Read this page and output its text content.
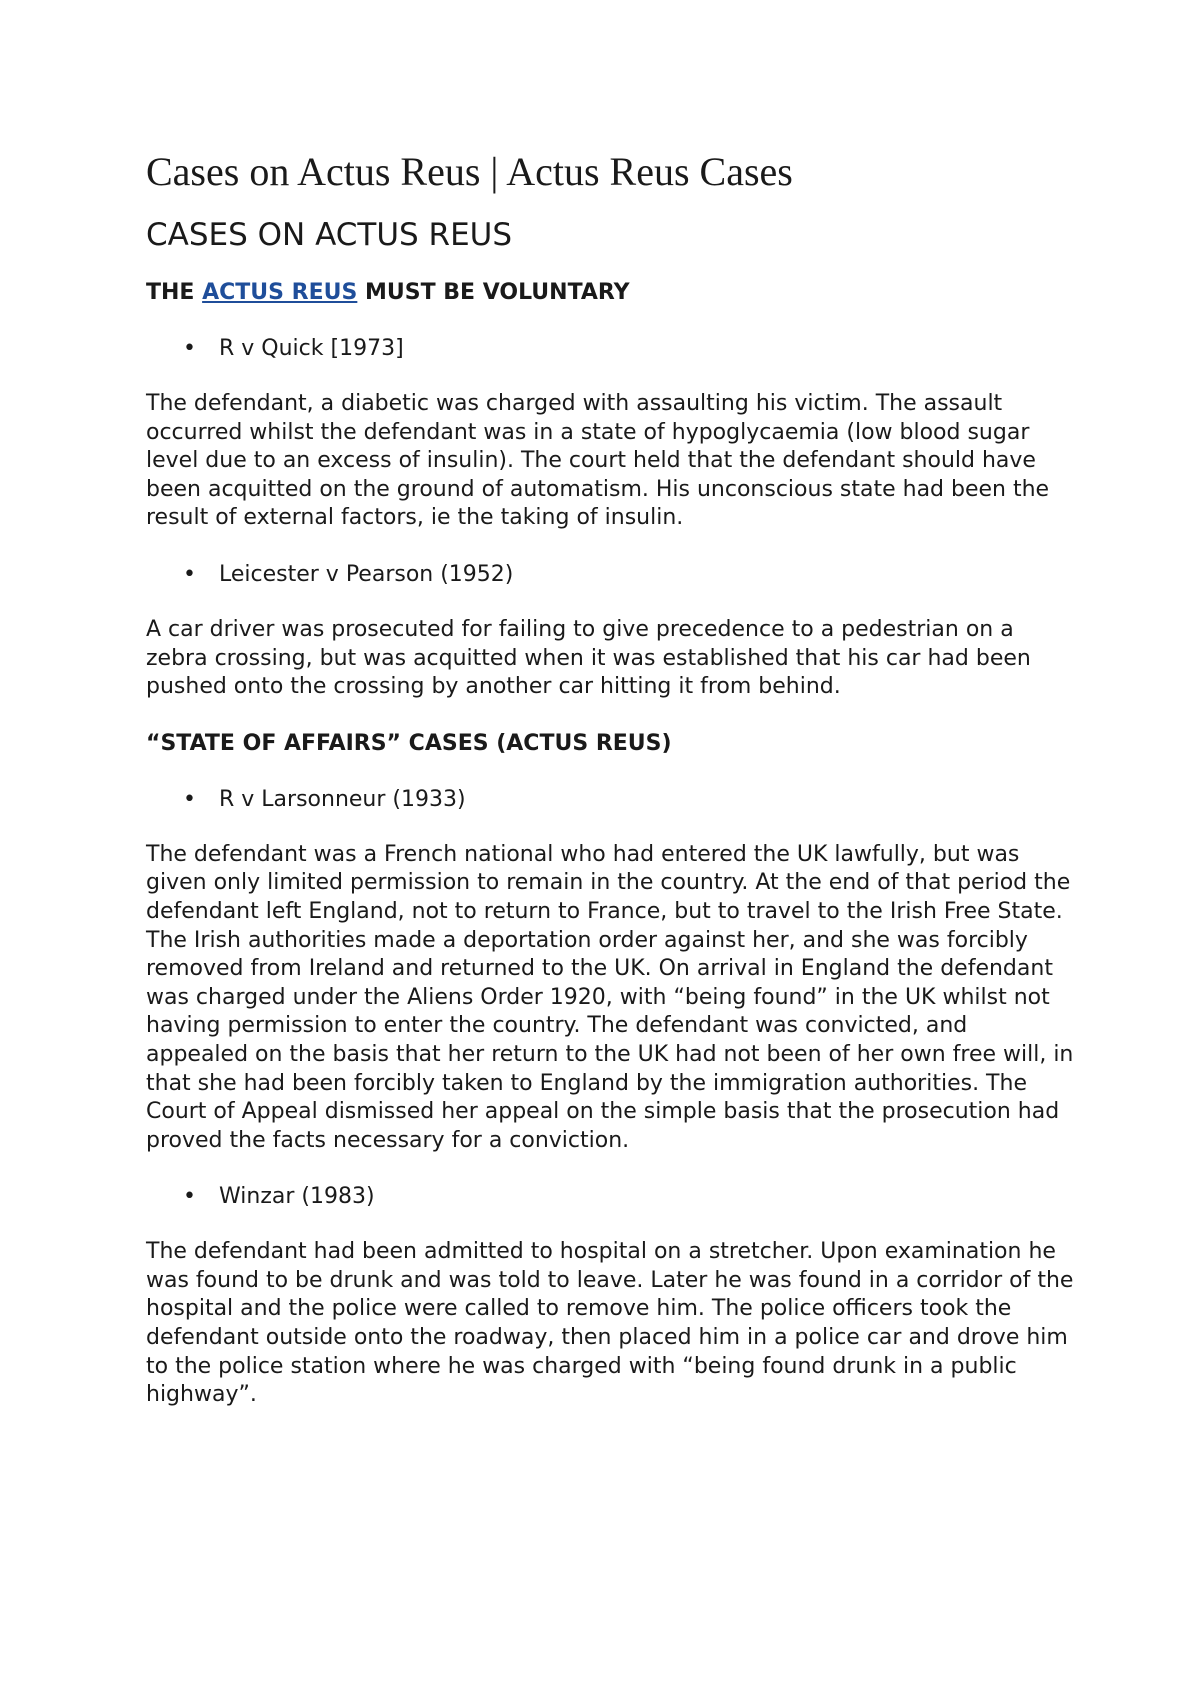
Cases on Actus Reus | Actus Reus Cases
CASES ON ACTUS REUS
THE ACTUS REUS MUST BE VOLUNTARY
• R v Quick [1973]

The defendant, a diabetic was charged with assaulting his victim. The assault occurred whilst the defendant was in a state of hypoglycaemia (low blood sugar level due to an excess of insulin). The court held that the defendant should have been acquitted on the ground of automatism. His unconscious state had been the result of external factors, ie the taking of insulin.

• Leicester v Pearson (1952)

A car driver was prosecuted for failing to give precedence to a pedestrian on a zebra crossing, but was acquitted when it was established that his car had been pushed onto the crossing by another car hitting it from behind.

“STATE OF AFFAIRS” CASES (ACTUS REUS)
• R v Larsonneur (1933)

The defendant was a French national who had entered the UK lawfully, but was given only limited permission to remain in the country. At the end of that period the defendant left England, not to return to France, but to travel to the Irish Free State. The Irish authorities made a deportation order against her, and she was forcibly removed from Ireland and returned to the UK. On arrival in England the defendant was charged under the Aliens Order 1920, with “being found” in the UK whilst not having permission to enter the country. The defendant was convicted, and appealed on the basis that her return to the UK had not been of her own free will, in that she had been forcibly taken to England by the immigration authorities. The Court of Appeal dismissed her appeal on the simple basis that the prosecution had proved the facts necessary for a conviction.

• Winzar (1983)

The defendant had been admitted to hospital on a stretcher. Upon examination he was found to be drunk and was told to leave. Later he was found in a corridor of the hospital and the police were called to remove him. The police officers took the defendant outside onto the roadway, then placed him in a police car and drove him to the police station where he was charged with “being found drunk in a public highway”.
